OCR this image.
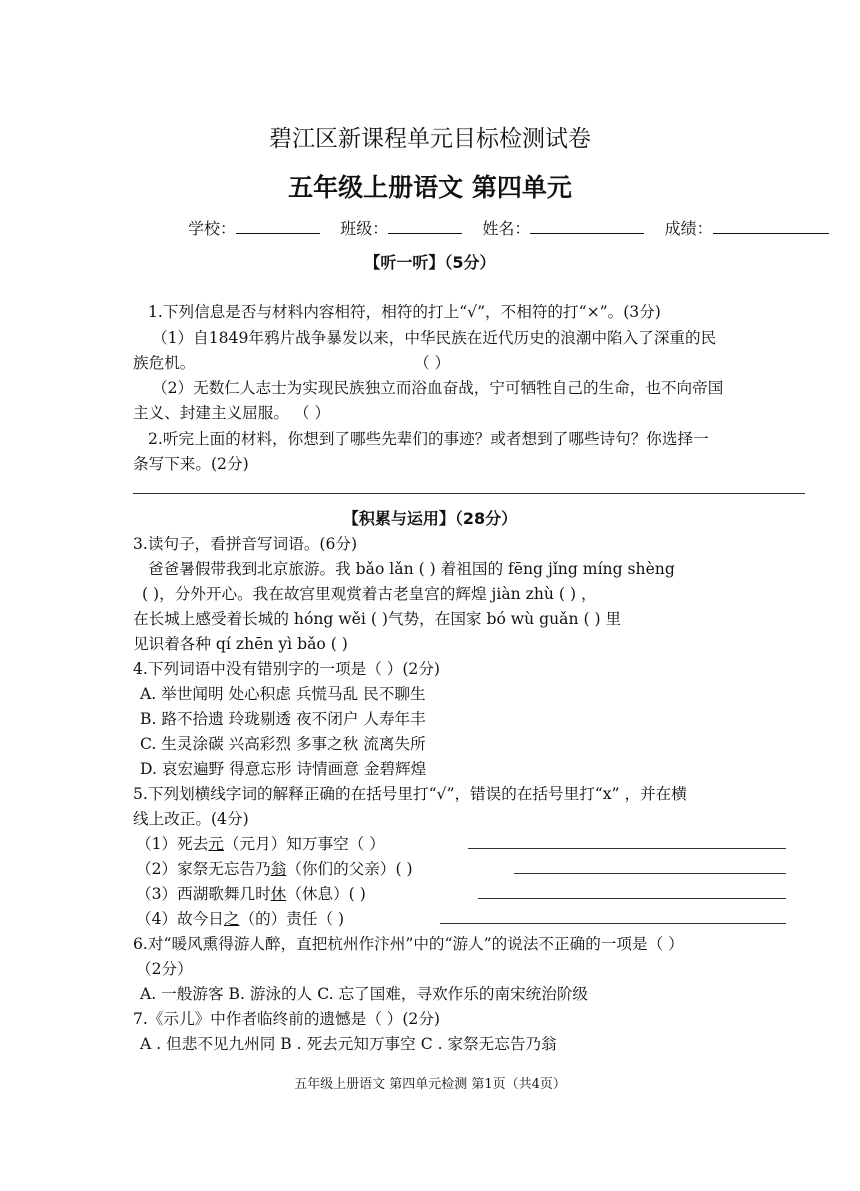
碧江区新课程单元目标检测试卷
五年级上册语文 第四单元
学校：	班级：	姓名：	成绩：
【听一听】（5分）
1.下列信息是否与材料内容相符，相符的打上“√”，不相符的打“×”。(3分)
（1）自1849年鸦片战争暴发以来，中华民族在近代历史的浪潮中陷入了深重的民
族危机。	（ ）
（2）无数仁人志士为实现民族独立而浴血奋战，宁可牺牲自己的生命，也不向帝国
主义、封建主义屈服。 （ ）
2.听完上面的材料，你想到了哪些先辈们的事迹？或者想到了哪些诗句？你选择一
条写下来。(2分)
【积累与运用】（28分）
3.读句子，看拼音写词语。(6分)
爸爸暑假带我到北京旅游。我 bǎo lǎn ( ) 着祖国的 fēng jǐng míng shèng
( )，分外开心。我在故宫里观赏着古老皇宫的辉煌 jiàn zhù ( ) ，
在长城上感受着长城的 hóng wěi ( )气势，在国家 bó wù guǎn ( ) 里
见识着各种 qí zhēn yì bǎo ( )
4.下列词语中没有错别字的一项是（ ）(2分)
A. 举世闻明 处心积虑 兵慌马乱 民不聊生
B. 路不拾遗 玲珑剔透 夜不闭户 人寿年丰
C. 生灵涂碳 兴高彩烈 多事之秋 流离失所
D. 哀宏遍野 得意忘形 诗情画意 金碧辉煌
5.下列划横线字词的解释正确的在括号里打“√”，错误的在括号里打“x” ，并在横
线上改正。(4分)
（1）死去元（元月）知万事空（ ）
（2）家祭无忘告乃翁（你们的父亲）( )
（3）西湖歌舞几时休（休息）( )
（4）故今日之（的）责任（ )
6.对“暖风熏得游人醉，直把杭州作汴州”中的“游人”的说法不正确的一项是（ ）
（2分）
A. 一般游客 B. 游泳的人 C. 忘了国难，寻欢作乐的南宋统治阶级
7.《示儿》中作者临终前的遗憾是（ ）(2分)
A . 但悲不见九州同 B . 死去元知万事空 C . 家祭无忘告乃翁
五年级上册语文 第四单元检测 第1页（共4页）
